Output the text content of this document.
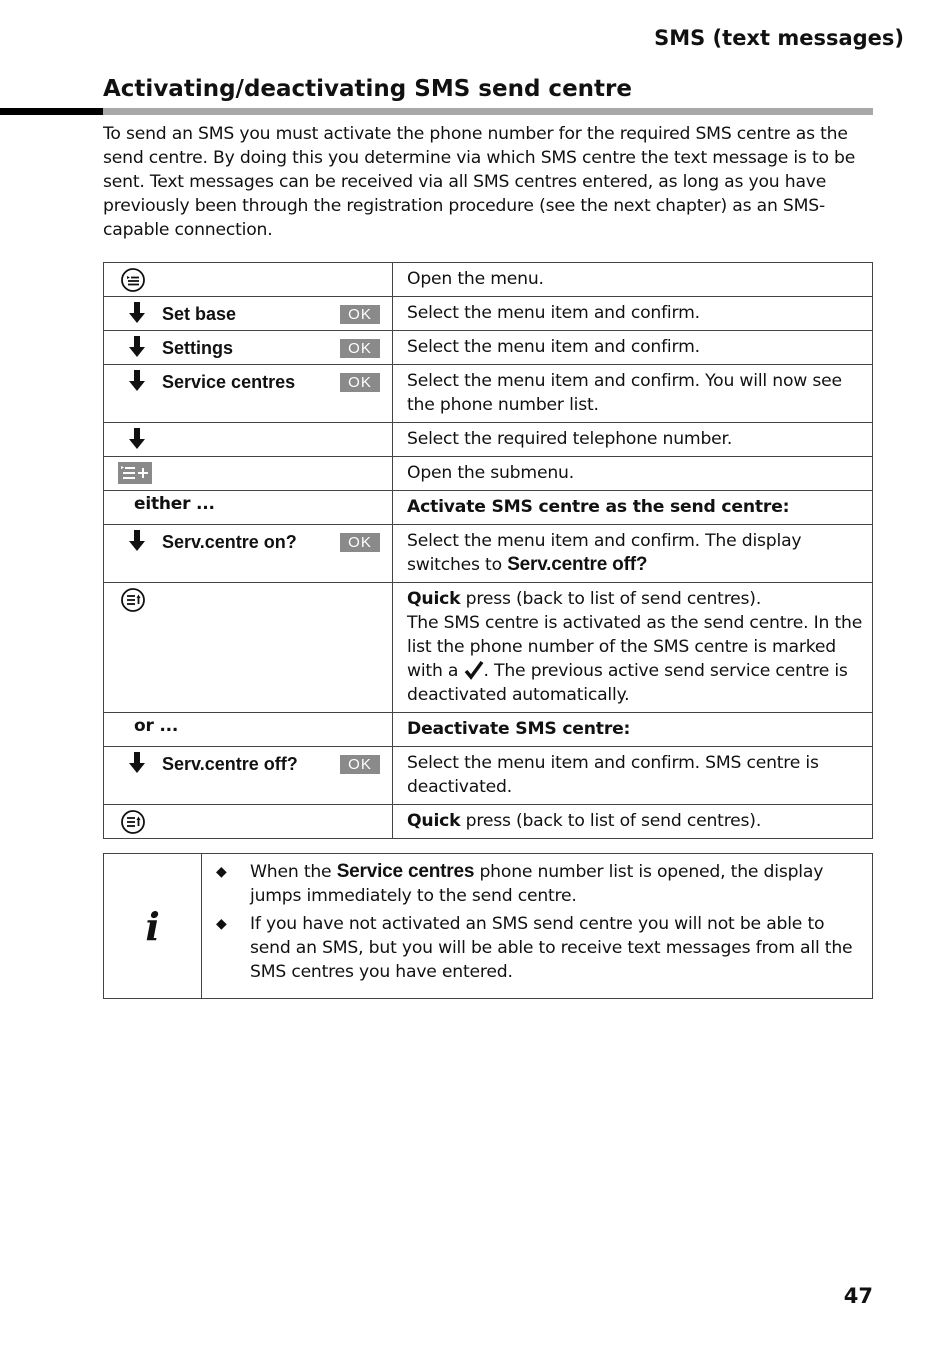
SMS (text messages)
Activating/deactivating SMS send centre
To send an SMS you must activate the phone number for the required SMS centre as the send centre. By doing this you determine via which SMS centre the text message is to be sent. Text messages can be received via all SMS centres entered, as long as you have previously been through the registration procedure (see the next chapter) as an SMS-capable connection.
	Open the menu.

Set base OK	Select the menu item and confirm.

Settings OK	Select the menu item and confirm.

Service centres OK	Select the menu item and confirm. You will now see the phone number list.

	Select the required telephone number.

	Open the submenu.

either ...	Activate SMS centre as the send centre:

Serv.centre on? OK	Select the menu item and confirm. The display switches to Serv.centre off?

	Quick press (back to list of send centres).
The SMS centre is activated as the send centre. In the list the phone number of the SMS centre is marked with a . The previous active send service centre is deactivated automatically.

or ...	Deactivate SMS centre:

Serv.centre off? OK	Select the menu item and confirm. SMS centre is deactivated.

	Quick press (back to list of send centres).
i	
◆	When the Service centres phone number list is opened, the display jumps immediately to the send centre.
◆	If you have not activated an SMS send centre you will not be able to send an SMS, but you will be able to receive text messages from all the SMS centres you have entered.
47
